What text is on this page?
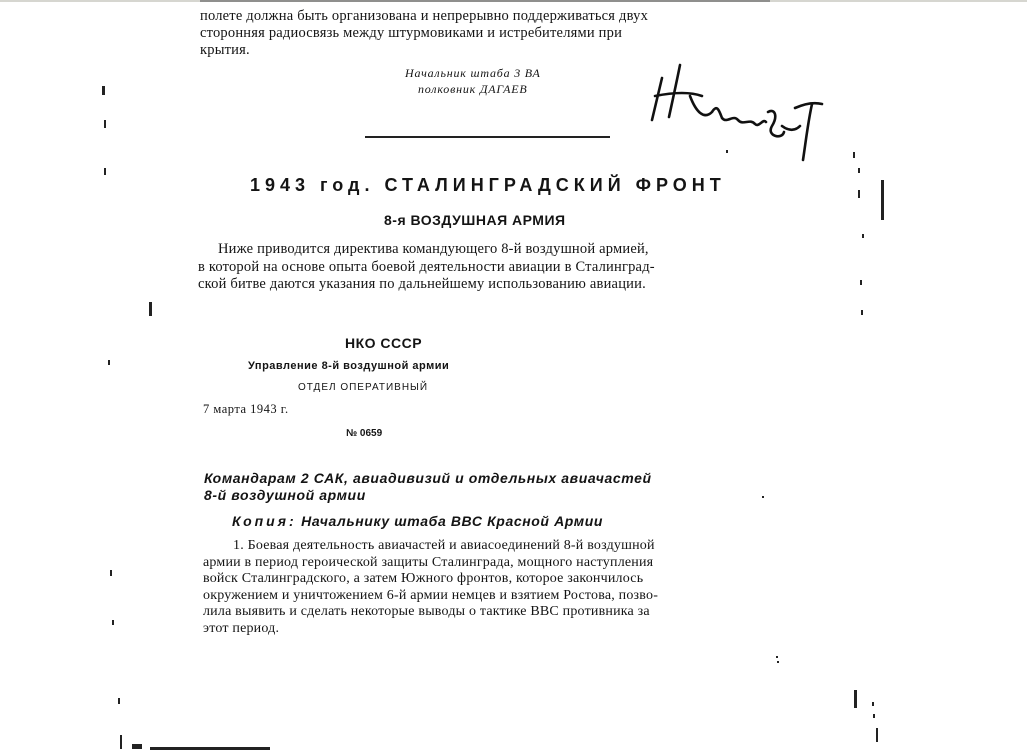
полете должна быть организована и непрерывно поддерживаться двух
сторонняя радиосвязь между штурмовиками и истребителями при
крытия.
Начальник штаба 3 ВА
полковник ДАГАЕВ
1943 год. СТАЛИНГРАДСКИЙ ФРОНТ
8-я ВОЗДУШНАЯ АРМИЯ
Ниже приводится директива командующего 8-й воздушной армией,
в которой на основе опыта боевой деятельности авиации в Сталинград-
ской битве даются указания по дальнейшему использованию авиации.
НКО СССР
Управление 8-й воздушной армии
ОТДЕЛ ОПЕРАТИВНЫЙ
7 марта 1943 г.
№ 0659
Командарам 2 САК, авиадивизий и отдельных авиачастей
8-й воздушной армии
Копия: Начальнику штаба ВВС Красной Армии
1. Боевая деятельность авиачастей и авиасоединений 8-й воздушной
армии в период героической защиты Сталинграда, мощного наступления
войск Сталинградского, а затем Южного фронтов, которое закончилось
окружением и уничтожением 6-й армии немцев и взятием Ростова, позво-
лила выявить и сделать некоторые выводы о тактике ВВС противника за
этот период.
